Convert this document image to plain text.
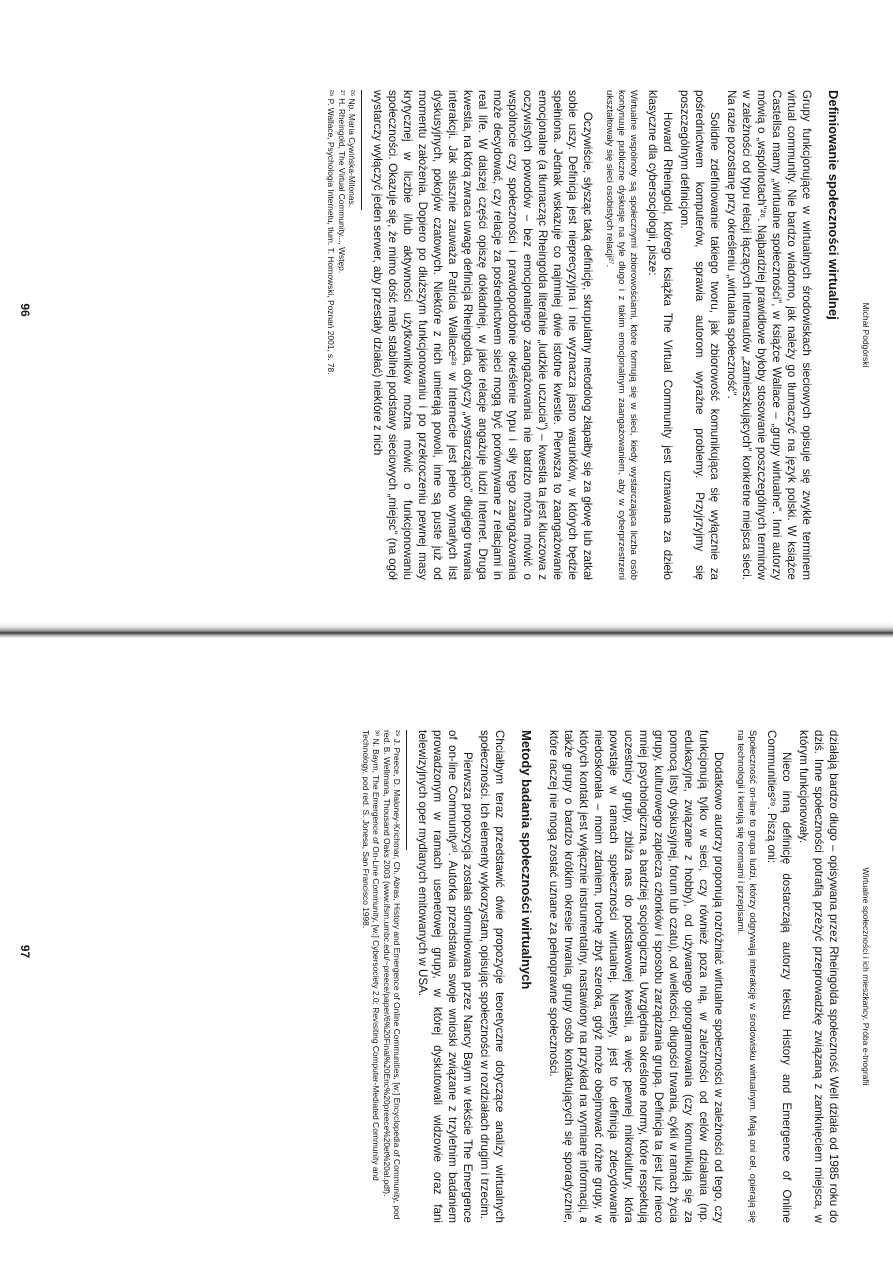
Michał Podgórski
Definiowanie społeczności wirtualnej

Grupy funkcjonujące w wirtualnych środowiskach sieciowych opisuje się zwykle terminem virtual community. Nie bardzo wiadomo, jak należy go tłumaczyć na język polski. W książce Castellsa mamy „wirtualne społeczności”, w książce Wallace – „grupy wirtualne”. Inni autorzy mówią o „wspólnotach”²⁶. Najbardziej prawidłowe byłoby stosowanie poszczególnych terminów w zależności od typu relacji łączących internautów „zamieszkujących” konkretne miejsca sieci. Na razie pozostanę przy określeniu „wirtualna społeczność”.

Solidne zdefiniowanie takiego tworu, jak zbiorowość komunikująca się wyłącznie za pośrednictwem komputerów, sprawia autorom wyraźne problemy. Przyjrzyjmy się poszczególnym definicjom.

Howard Rheingold, którego książka The Virtual Community jest uznawana za dzieło klasyczne dla cybersocjologii, pisze:

Wirtualne wspólnoty są społecznymi zbiorowościami, które formują się w sieci, kiedy wystarczająca liczba osób kontynuuje publiczne dyskusje na tyle długo i z takim emocjonalnym zaangażowaniem, aby w cyberprzestrzeni ukształtowały się sieci osobistych relacji²⁷.

Oczywiście, słysząc taką definicję, skrupulatny metodolog złapałby się za głowę lub zatkał sobie uszy. Definicja jest nieprecyzyjna i nie wyznacza jasno warunków, w których będzie spełniona. Jednak wskazuje co najmniej dwie istotne kwestie. Pierwsza to zaangażowanie emocjonalne (a tłumacząc Rheingolda literalnie „ludzkie uczucia”) – kwestia ta jest kluczowa z oczywistych powodów – bez emocjonalnego zaangażowania nie bardzo można mówić o wspólnocie czy społeczności i prawdopodobnie określenie typu i siły tego zaangażowania może decydować, czy relacje za pośrednictwem sieci mogą być porównywane z relacjami in real life. W dalszej części opiszę dokładniej, w jakie relacje angażuje ludzi Internet. Druga kwestia, na którą zwraca uwagę definicja Rheingolda, dotyczy „wystarczająco” długiego trwania interakcji. Jak słusznie zauważa Patricia Wallace²⁸ w Internecie jest pełno wymarłych list dyskusyjnych, pokojów czatowych. Niektóre z nich umierają powoli, inne są puste już od momentu założenia. Dopiero po dłuższym funkcjonowaniu i po przekroczeniu pewnej masy krytycznej w liczbie i/lub aktywności użytkowników można mówić o funkcjonowaniu społeczności. Okazuje się, że mimo dość mało stabilnej podstawy sieciowych „miejsc” (na ogół wystarczy wyłączyć jeden serwer, aby przestały działać) niektóre z nich

²⁶ Np. Maria Cywińska-Milonas.
²⁷ H. Rheingold, The Virtual Community..., Wstęp.
²⁸ P. Wallace, Psychologia Internetu, tłum. T. Hornowski, Poznań 2001, s. 78.
96
Wirtualne społeczności i ich mieszkańcy. Próba e-tnografii

działają bardzo długo – opisywana przez Rheingolda społeczność Well działa od 1985 roku do dziś. Inne społeczności potrafią przeżyć przeprowadzkę związaną z zamknięciem miejsca, w którym funkcjonowały.

Nieco inną definicję dostarczają autorzy tekstu History and Emergence of Online Communities²⁹. Piszą oni:

Społeczność on-line to grupa ludzi, którzy odgrywają interakcję w środowisku wirtualnym. Mają oni cel, opierają się na technologii i kierują się normami i przepisami.

Dodatkowo autorzy proponują rozróżniać wirtualne społeczności w zależności od tego, czy funkcjonują tylko w sieci, czy również poza nią, w zależności od celów działania (np. edukacyjne, związane z hobby), od używanego oprogramowania (czy komunikują się za pomocą listy dyskusyjnej, forum lub czatu), od wielkości, długości trwania, cykli w ramach życia grupy, kulturowego zaplecza członków i sposobu zarządzania grupą. Definicja ta jest już nieco mniej psychologiczna, a bardziej socjologiczna. Uwzględnia określone normy, które respektują uczestnicy grupy, zbliża nas do podstawowej kwestii, a więc pewnej mikrokultury, która powstaje w ramach społeczności wirtualnej. Niestety, jest to definicja zdecydowanie niedoskonała – moim zdaniem, trochę zbyt szeroka, gdyż może obejmować różne grupy, w których kontakt jest wyłącznie instrumentalny, nastawiony na przykład na wymianę informacji, a także grupy o bardzo krótkim okresie trwania, grupy osób kontaktujących się sporadycznie, które raczej nie mogą zostać uznane za pełnoprawne społeczności.

Metody badania społeczności wirtualnych

Chciałbym teraz przedstawić dwie propozycje teoretyczne dotyczące analizy wirtualnych społeczności. Ich elementy wykorzystam, opisując społeczności w rozdziałach drugim i trzecim.

Pierwsza propozycja została sformułowana przez Nancy Baym w tekście The Emergence of on-line Community³⁰. Autorka przedstawia swoje wnioski związane z trzyletnim badaniem prowadzonym w ramach usenetowej grupy, w której dyskutowali widzowie oraz fani telewizyjnych oper mydlanych emitowanych w USA.

²⁹ J. Preece, D. Maloney-Krichmar, Ch. Abras, History and Emergence of Online Communities, [w:] Encyclopedia of Community, pod red. B. Wellmana, Thousand Oaks 2003 (www.ifsm.umbc.edu/~preece/paper/6%20Final%20Enc%20preece%20et%20al.pdf).
³⁰ N. Baym, The Emergence of On-Line Community, [w:] Cybersociety 2.0: Revisiting Computer-Mediated Community and Technology, pod red. S. Jonesa, San Francisco 1998.
97
